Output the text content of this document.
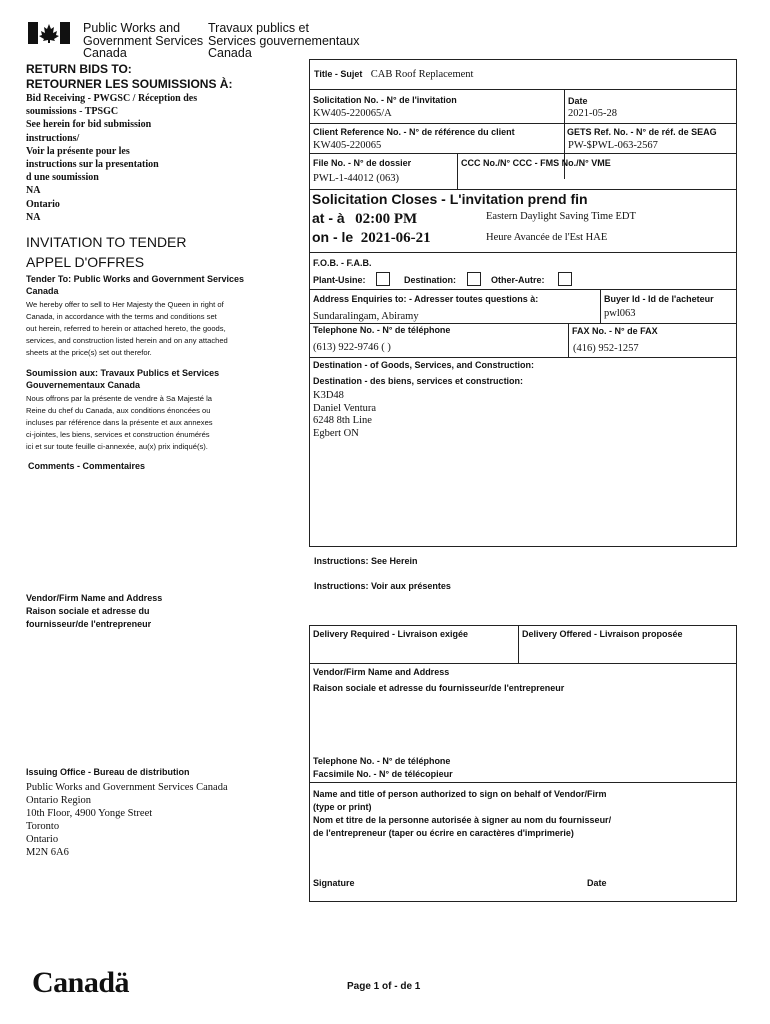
Public Works and
Government Services
Canada
Travaux publics et
Services gouvernementaux
Canada
RETURN BIDS TO:
RETOURNER LES SOUMISSIONS À:
Bid Receiving - PWGSC / Réception des
soumissions - TPSGC
See herein for bid submission
instructions/
Voir la présente pour les
instructions sur la presentation
d une soumission
NA
Ontario
NA
INVITATION TO TENDER
APPEL D'OFFRES
Tender To: Public Works and Government Services
Canada
We hereby offer to sell to Her Majesty the Queen in right of
Canada, in accordance with the terms and conditions set
out herein, referred to herein or attached hereto, the goods,
services, and construction listed herein and on any attached
sheets at the price(s) set out therefor.
Soumission aux: Travaux Publics et Services
Gouvernementaux Canada
Nous offrons par la présente de vendre à Sa Majesté la
Reine du chef du Canada, aux conditions énoncées ou
incluses par référence dans la présente et aux annexes
ci-jointes, les biens, services et construction énumérés
ici et sur toute feuille ci-annexée, au(x) prix indiqué(s).
Comments - Commentaires
Vendor/Firm Name and Address
Raison sociale et adresse du
fournisseur/de l'entrepreneur
Issuing Office - Bureau de distribution
Public Works and Government Services Canada
Ontario Region
10th Floor, 4900 Yonge Street
Toronto
Ontario
M2N 6A6
Canadä	Page 1 of - de 1
Title - Sujet CAB Roof Replacement
Solicitation No. - N° de l'invitation
KW405-220065/A
Date
2021-05-28
Client Reference No. - N° de référence du client
KW405-220065
GETS Ref. No. - N° de réf. de SEAG
PW-$PWL-063-2567
File No. - N° de dossier
PWL-1-44012 (063)
CCC No./N° CCC - FMS No./N° VME
Solicitation Closes - L'invitation prend fin
at - à 02:00 PM
on - le 2021-06-21
Eastern Daylight Saving Time EDT
Heure Avancée de l'Est HAE
F.O.B. - F.A.B.
Plant-Usine:	Destination:	Other-Autre:
Address Enquiries to: - Adresser toutes questions à:
Sundaralingam, Abiramy
Buyer Id - Id de l'acheteur
pwl063
Telephone No. - N° de téléphone
(613) 922-9746 ( )
FAX No. - N° de FAX
(416) 952-1257
Destination - of Goods, Services, and Construction:
Destination - des biens, services et construction:
K3D48
Daniel Ventura
6248 8th Line
Egbert ON
Instructions: See Herein
Instructions: Voir aux présentes
Delivery Required - Livraison exigée	Delivery Offered - Livraison proposée
Vendor/Firm Name and Address
Raison sociale et adresse du fournisseur/de l'entrepreneur
Telephone No. - N° de téléphone
Facsimile No. - N° de télécopieur
Name and title of person authorized to sign on behalf of Vendor/Firm
(type or print)
Nom et titre de la personne autorisée à signer au nom du fournisseur/
de l'entrepreneur (taper ou écrire en caractères d'imprimerie)
Signature	Date
